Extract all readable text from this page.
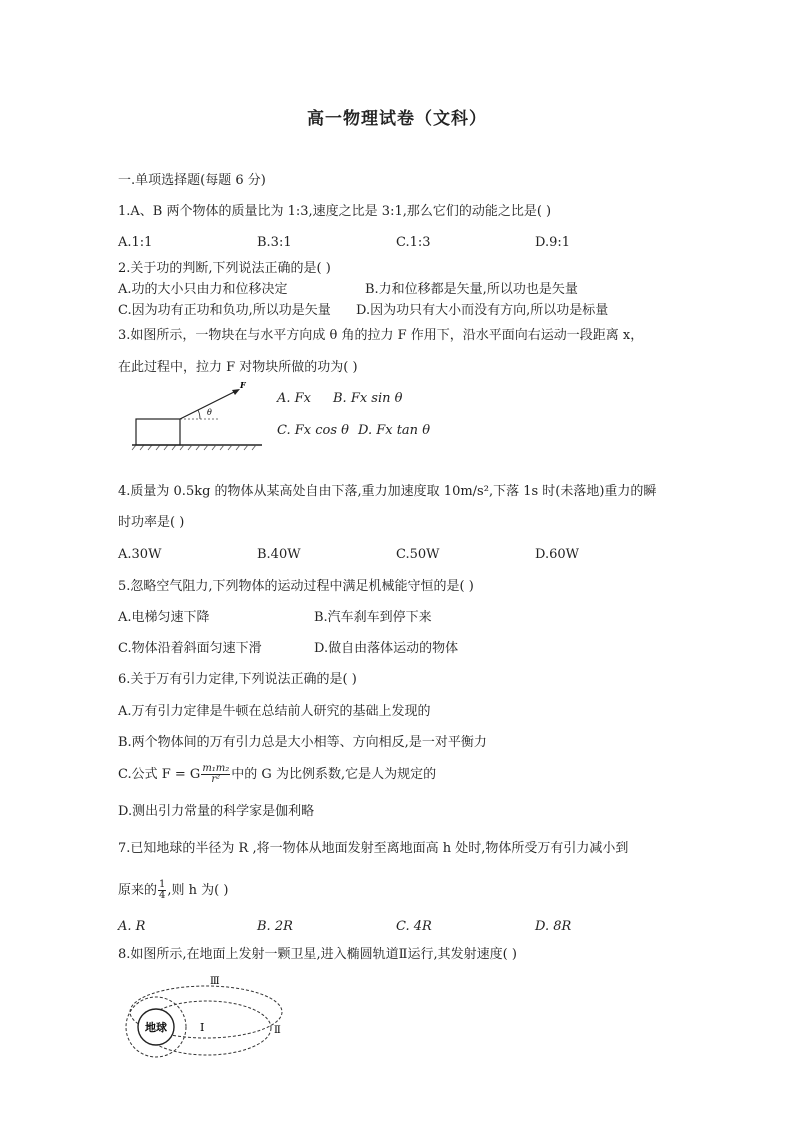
高一物理试卷（文科）
一.单项选择题(每题 6 分)
1.A、B 两个物体的质量比为 1:3,速度之比是 3:1,那么它们的动能之比是( )
A.1:1	B.3:1	C.1:3	D.9:1
2.关于功的判断,下列说法正确的是( )
A.功的大小只由力和位移决定	B.力和位移都是矢量,所以功也是矢量
C.因为功有正功和负功,所以功是矢量 D.因为功只有大小而没有方向,所以功是标量
3.如图所示，一物块在与水平方向成 θ 角的拉力 F 作用下，沿水平面向右运动一段距离 x，
在此过程中，拉力 F 对物块所做的功为( )
F
θ
A. Fx B. Fx sin θ
C. Fx cos θ D. Fx tan θ
4.质量为 0.5kg 的物体从某高处自由下落,重力加速度取 10m/s²,下落 1s 时(未落地)重力的瞬
时功率是( )
A.30W	B.40W	C.50W	D.60W
5.忽略空气阻力,下列物体的运动过程中满足机械能守恒的是( )
A.电梯匀速下降	B.汽车刹车到停下来
C.物体沿着斜面匀速下滑	D.做自由落体运动的物体
6.关于万有引力定律,下列说法正确的是( )
A.万有引力定律是牛顿在总结前人研究的基础上发现的
B.两个物体间的万有引力总是大小相等、方向相反,是一对平衡力
C.公式 F = G $\frac{\text{m₁m₂}}{\text{r²}}$ 中的 G 为比例系数,它是人为规定的
D.测出引力常量的科学家是伽利略
7.已知地球的半径为 R ,将一物体从地面发射至离地面高 h 处时,物体所受万有引力减小到
原来的 $\frac{1}{4}$ ,则 h 为( )
A. R	B. 2R	C. 4R	D. 8R
8.如图所示,在地面上发射一颗卫星,进入椭圆轨道Ⅱ运行,其发射速度( )
地球	Ⅰ	Ⅱ
Ⅲ
